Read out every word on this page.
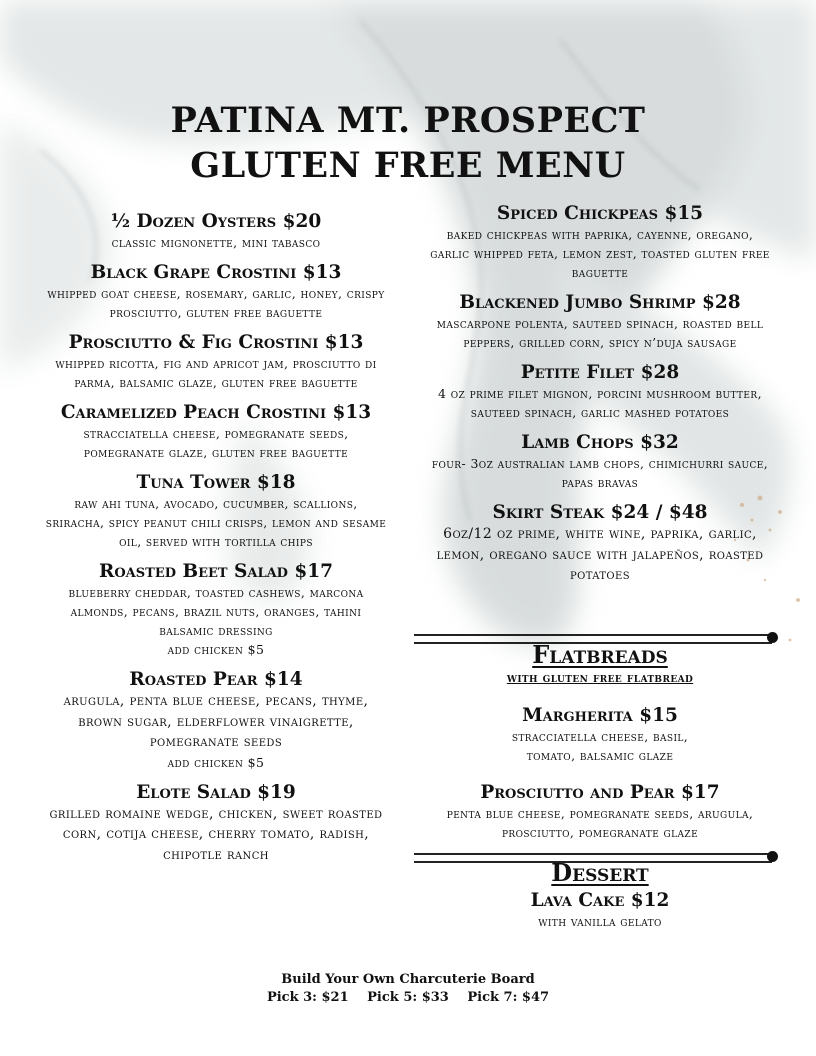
PATINA MT. PROSPECT
GLUTEN FREE MENU
½ Dozen Oysters $20
classic mignonette, mini tabasco
Black Grape Crostini $13
whipped goat cheese, rosemary, garlic, honey, crispy prosciutto, gluten free baguette
Prosciutto & Fig Crostini $13
whipped ricotta, fig and apricot jam, prosciutto di parma, balsamic glaze, gluten free baguette
Caramelized Peach Crostini $13
stracciatella cheese, pomegranate seeds, pomegranate glaze, gluten free baguette
Tuna Tower $18
raw ahi tuna, avocado, cucumber, scallions, sriracha, spicy peanut chili crisps, lemon and sesame oil, served with tortilla chips
Roasted Beet Salad $17
blueberry cheddar, toasted cashews, marcona almonds, pecans, brazil nuts, oranges, tahini balsamic dressing
add chicken $5
Roasted Pear $14
arugula, penta blue cheese, pecans, thyme, brown sugar, elderflower vinaigrette, pomegranate seeds
add chicken $5
Elote Salad $19
grilled romaine wedge, chicken, sweet roasted corn, cotija cheese, cherry tomato, radish, chipotle ranch
Spiced Chickpeas $15
baked chickpeas with paprika, cayenne, oregano, garlic whipped feta, lemon zest, toasted gluten free baguette
Blackened Jumbo Shrimp $28
mascarpone polenta, sauteed spinach, roasted bell peppers, grilled corn, spicy n’duja sausage
Petite Filet $28
4 oz prime filet mignon, porcini mushroom butter, sauteed spinach, garlic mashed potatoes
Lamb Chops $32
four- 3oz australian lamb chops, chimichurri sauce, papas bravas
Skirt Steak $24 / $48
6oz/12 oz prime, white wine, paprika, garlic, lemon, oregano sauce with jalapeños, roasted potatoes
Flatbreads
with gluten free flatbread
Margherita $15
stracciatella cheese, basil, tomato, balsamic glaze
Prosciutto and Pear $17
penta blue cheese, pomegranate seeds, arugula, prosciutto, pomegranate glaze
Dessert
Lava Cake $12
with vanilla gelato
Build Your Own Charcuterie Board
Pick 3: $21 Pick 5: $33 Pick 7: $47
